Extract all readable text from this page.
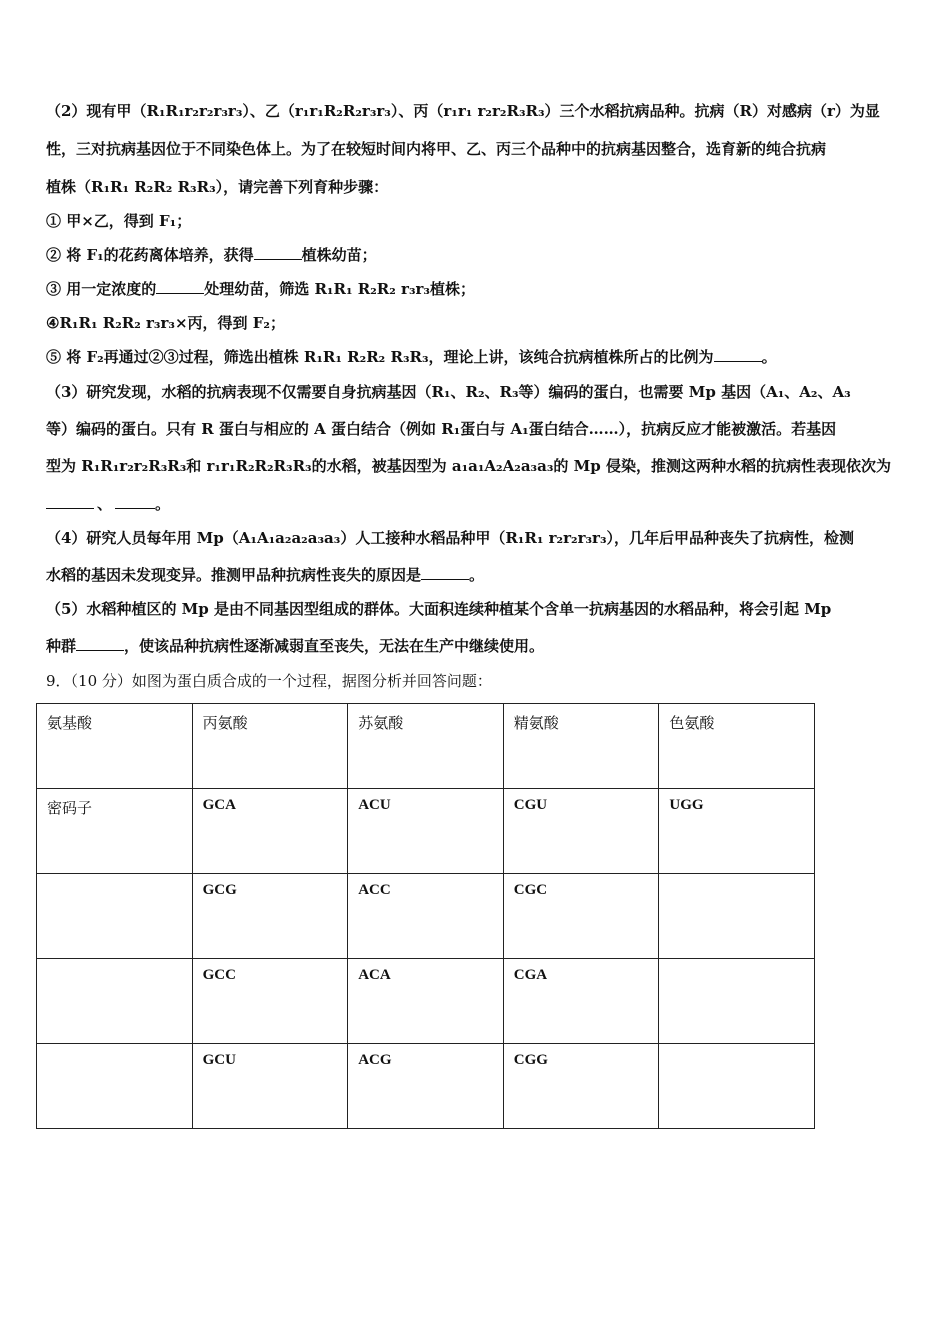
（2）现有甲（R₁R₁r₂r₂r₃r₃）、乙（r₁r₁R₂R₂r₃r₃）、丙（r₁r₁ r₂r₂R₃R₃）三个水稻抗病品种。抗病（R）对感病（r）为显
性，三对抗病基因位于不同染色体上。为了在较短时间内将甲、乙、丙三个品种中的抗病基因整合，选育新的纯合抗病
植株（R₁R₁ R₂R₂ R₃R₃），请完善下列育种步骤：
① 甲×乙，得到 F₁；
② 将 F₁的花药离体培养，获得	植株幼苗；
③ 用一定浓度的	处理幼苗，筛选 R₁R₁ R₂R₂ r₃r₃植株；
④R₁R₁ R₂R₂ r₃r₃×丙，得到 F₂；
⑤ 将 F₂再通过②③过程，筛选出植株 R₁R₁ R₂R₂ R₃R₃，理论上讲，该纯合抗病植株所占的比例为	。
（3）研究发现，水稻的抗病表现不仅需要自身抗病基因（R₁、R₂、R₃等）编码的蛋白，也需要 Mp 基因（A₁、A₂、A₃
等）编码的蛋白。只有 R 蛋白与相应的 A 蛋白结合（例如 R₁蛋白与 A₁蛋白结合……），抗病反应才能被激活。若基因
型为 R₁R₁r₂r₂R₃R₃和 r₁r₁R₂R₂R₃R₃的水稻，被基因型为 a₁a₁A₂A₂a₃a₃的 Mp 侵染，推测这两种水稻的抗病性表现依次为
、	。
（4）研究人员每年用 Mp（A₁A₁a₂a₂a₃a₃）人工接种水稻品种甲（R₁R₁ r₂r₂r₃r₃），几年后甲品种丧失了抗病性，检测
水稻的基因未发现变异。推测甲品种抗病性丧失的原因是	。
（5）水稻种植区的 Mp 是由不同基因型组成的群体。大面积连续种植某个含单一抗病基因的水稻品种，将会引起 Mp
种群	，使该品种抗病性逐渐减弱直至丧失，无法在生产中继续使用。
9．（10 分）如图为蛋白质合成的一个过程，据图分析并回答问题：
氨基酸	丙氨酸	苏氨酸	精氨酸	色氨酸
密码子	GCA	ACU	CGU	UGG
	GCG	ACC	CGC	
	GCC	ACA	CGA	
	GCU	ACG	CGG	
